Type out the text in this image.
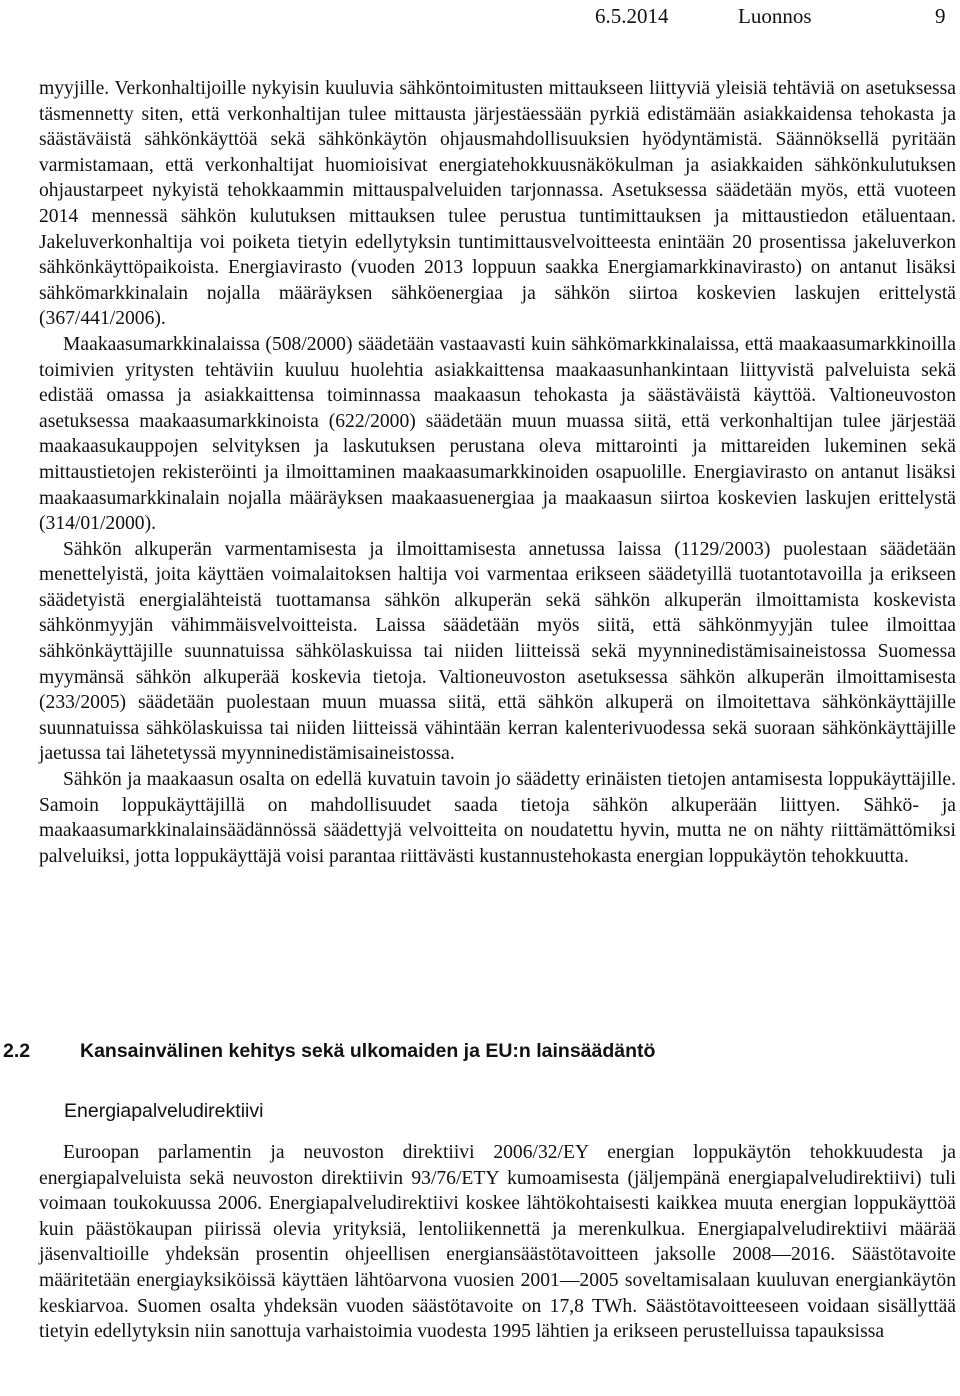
6.5.2014	Luonnos	9

myyjille. Verkonhaltijoille nykyisin kuuluvia sähköntoimitusten mittaukseen liittyviä yleisiä tehtäviä on asetuksessa täsmennetty siten, että verkonhaltijan tulee mittausta järjestäessään pyrkiä edistämään asiakkaidensa tehokasta ja säästäväistä sähkönkäyttöä sekä sähkönkäytön ohjausmahdollisuuksien hyödyntämistä. Säännöksellä pyritään varmistamaan, että verkonhaltijat huomioisivat energiatehokkuusnäkökulman ja asiakkaiden sähkönkulutuksen ohjaustarpeet nykyistä tehokkaammin mittauspalveluiden tarjonnassa. Asetuksessa säädetään myös, että vuoteen 2014 mennessä sähkön kulutuksen mittauksen tulee perustua tuntimittauksen ja mittaustiedon etäluentaan. Jakeluverkonhaltija voi poiketa tietyin edellytyksin tuntimittausvelvoitteesta enintään 20 prosentissa jakeluverkon sähkönkäyttöpaikoista. Energiavirasto (vuoden 2013 loppuun saakka Energiamarkkinavirasto) on antanut lisäksi sähkömarkkinalain nojalla määräyksen sähköenergiaa ja sähkön siirtoa koskevien laskujen erittelystä (367/441/2006).

Maakaasumarkkinalaissa (508/2000) säädetään vastaavasti kuin sähkömarkkinalaissa, että maakaasumarkkinoilla toimivien yritysten tehtäviin kuuluu huolehtia asiakkaittensa maakaasunhankintaan liittyvistä palveluista sekä edistää omassa ja asiakkaittensa toiminnassa maakaasun tehokasta ja säästäväistä käyttöä. Valtioneuvoston asetuksessa maakaasumarkkinoista (622/2000) säädetään muun muassa siitä, että verkonhaltijan tulee järjestää maakaasukauppojen selvityksen ja laskutuksen perustana oleva mittarointi ja mittareiden lukeminen sekä mittaustietojen rekisteröinti ja ilmoittaminen maakaasumarkkinoiden osapuolille. Energiavirasto on antanut lisäksi maakaasumarkkinalain nojalla määräyksen maakaasuenergiaa ja maakaasun siirtoa koskevien laskujen erittelystä (314/01/2000).

Sähkön alkuperän varmentamisesta ja ilmoittamisesta annetussa laissa (1129/2003) puolestaan säädetään menettelyistä, joita käyttäen voimalaitoksen haltija voi varmentaa erikseen säädetyillä tuotantotavoilla ja erikseen säädetyistä energialähteistä tuottamansa sähkön alkuperän sekä sähkön alkuperän ilmoittamista koskevista sähkönmyyjän vähimmäisvelvoitteista. Laissa säädetään myös siitä, että sähkönmyyjän tulee ilmoittaa sähkönkäyttäjille suunnatuissa sähkölaskuissa tai niiden liitteissä sekä myynninedistämisaineistossa Suomessa myymänsä sähkön alkuperää koskevia tietoja. Valtioneuvoston asetuksessa sähkön alkuperän ilmoittamisesta (233/2005) säädetään puolestaan muun muassa siitä, että sähkön alkuperä on ilmoitettava sähkönkäyttäjille suunnatuissa sähkölaskuissa tai niiden liitteissä vähintään kerran kalenterivuodessa sekä suoraan sähkönkäyttäjille jaetussa tai lähetetyssä myynninedistämisaineistossa.

Sähkön ja maakaasun osalta on edellä kuvatuin tavoin jo säädetty erinäisten tietojen antamisesta loppukäyttäjille. Samoin loppukäyttäjillä on mahdollisuudet saada tietoja sähkön alkuperään liittyen. Sähkö- ja maakaasumarkkinalainsäädännössä säädettyjä velvoitteita on noudatettu hyvin, mutta ne on nähty riittämättömiksi palveluiksi, jotta loppukäyttäjä voisi parantaa riittävästi kustannustehokasta energian loppukäytön tehokkuutta.

2.2	Kansainvälinen kehitys sekä ulkomaiden ja EU:n lainsäädäntö
Energiapalveludirektiivi

Euroopan parlamentin ja neuvoston direktiivi 2006/32/EY energian loppukäytön tehokkuudesta ja energiapalveluista sekä neuvoston direktiivin 93/76/ETY kumoamisesta (jäljempänä energiapalveludirektiivi) tuli voimaan toukokuussa 2006. Energiapalveludirektiivi koskee lähtökohtaisesti kaikkea muuta energian loppukäyttöä kuin päästökaupan piirissä olevia yrityksiä, lentoliikennettä ja merenkulkua. Energiapalveludirektiivi määrää jäsenvaltioille yhdeksän prosentin ohjeellisen energiansäästötavoitteen jaksolle 2008—2016. Säästötavoite määritetään energiayksiköissä käyttäen lähtöarvona vuosien 2001—2005 soveltamisalaan kuuluvan energiankäytön keskiarvoa. Suomen osalta yhdeksän vuoden säästötavoite on 17,8 TWh. Säästötavoitteeseen voidaan sisällyttää tietyin edellytyksin niin sanottuja varhaistoimia vuodesta 1995 lähtien ja erikseen perustelluissa tapauksissa
